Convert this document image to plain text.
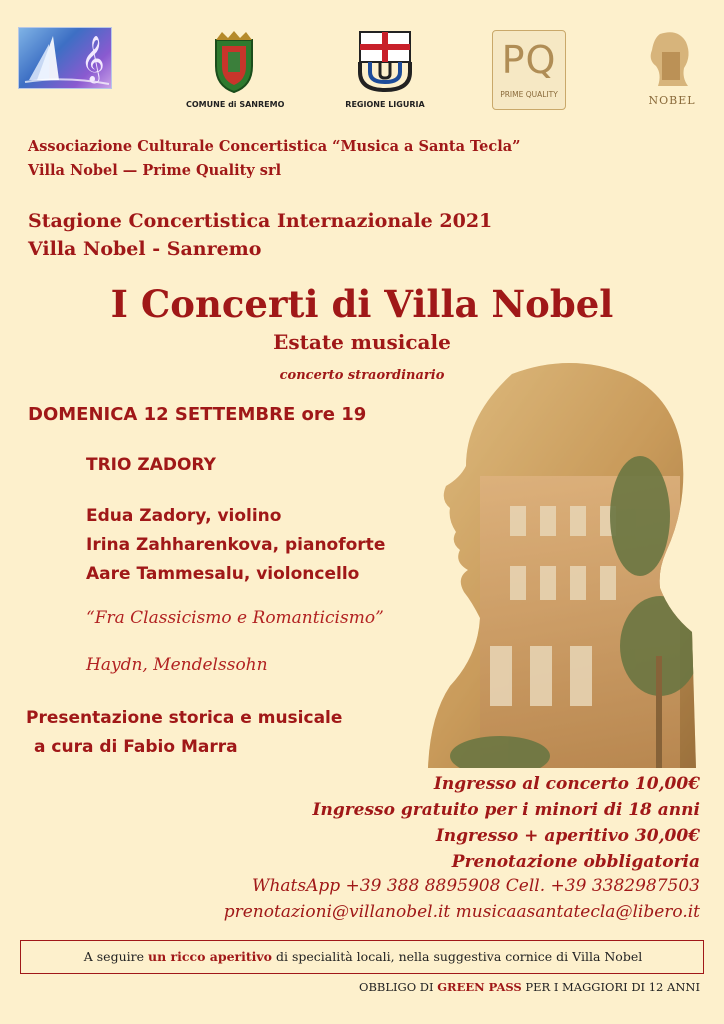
𝄞
COMUNE di SANREMO	REGIONE LIGURIA
PQ
PRIME QUALITY	NOBEL
Associazione Culturale Concertistica “Musica a Santa Tecla”
Villa Nobel — Prime Quality srl
Stagione Concertistica Internazionale 2021
Villa Nobel - Sanremo
I Concerti di Villa Nobel
Estate musicale
concerto straordinario
DOMENICA 12 SETTEMBRE ore 19
TRIO ZADORY
Edua Zadory, violino
Irina Zahharenkova, pianoforte
Aare Tammesalu, violoncello
“Fra Classicismo e Romanticismo”
Haydn, Mendelssohn
Presentazione storica e musicale
a cura di Fabio Marra
Ingresso al concerto 10,00€
Ingresso gratuito per i minori di 18 anni
Ingresso + aperitivo 30,00€
Prenotazione obbligatoria
WhatsApp +39 388 8895908 Cell. +39 3382987503
prenotazioni@villanobel.it musicaasantatecla@libero.it
A seguire un ricco aperitivo di specialità locali, nella suggestiva cornice di Villa Nobel
OBBLIGO DI GREEN PASS PER I MAGGIORI DI 12 ANNI
